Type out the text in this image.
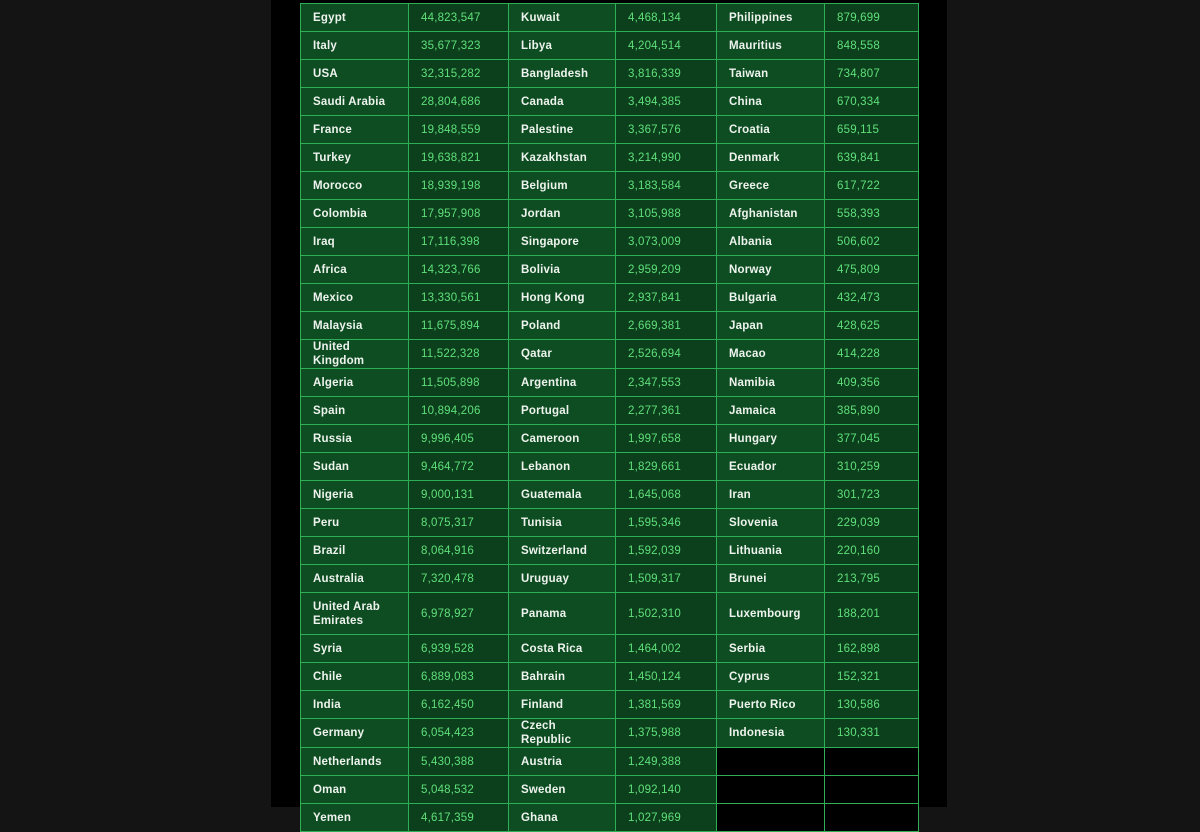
Egypt	44,823,547	Kuwait	4,468,134	Philippines	879,699
Italy	35,677,323	Libya	4,204,514	Mauritius	848,558
USA	32,315,282	Bangladesh	3,816,339	Taiwan	734,807
Saudi Arabia	28,804,686	Canada	3,494,385	China	670,334
France	19,848,559	Palestine	3,367,576	Croatia	659,115
Turkey	19,638,821	Kazakhstan	3,214,990	Denmark	639,841
Morocco	18,939,198	Belgium	3,183,584	Greece	617,722
Colombia	17,957,908	Jordan	3,105,988	Afghanistan	558,393
Iraq	17,116,398	Singapore	3,073,009	Albania	506,602
Africa	14,323,766	Bolivia	2,959,209	Norway	475,809
Mexico	13,330,561	Hong Kong	2,937,841	Bulgaria	432,473
Malaysia	11,675,894	Poland	2,669,381	Japan	428,625
United Kingdom	11,522,328	Qatar	2,526,694	Macao	414,228
Algeria	11,505,898	Argentina	2,347,553	Namibia	409,356
Spain	10,894,206	Portugal	2,277,361	Jamaica	385,890
Russia	9,996,405	Cameroon	1,997,658	Hungary	377,045
Sudan	9,464,772	Lebanon	1,829,661	Ecuador	310,259
Nigeria	9,000,131	Guatemala	1,645,068	Iran	301,723
Peru	8,075,317	Tunisia	1,595,346	Slovenia	229,039
Brazil	8,064,916	Switzerland	1,592,039	Lithuania	220,160
Australia	7,320,478	Uruguay	1,509,317	Brunei	213,795
United Arab Emirates	6,978,927	Panama	1,502,310	Luxembourg	188,201
Syria	6,939,528	Costa Rica	1,464,002	Serbia	162,898
Chile	6,889,083	Bahrain	1,450,124	Cyprus	152,321
India	6,162,450	Finland	1,381,569	Puerto Rico	130,586
Germany	6,054,423	Czech Republic	1,375,988	Indonesia	130,331
Netherlands	5,430,388	Austria	1,249,388		
Oman	5,048,532	Sweden	1,092,140		
Yemen	4,617,359	Ghana	1,027,969		
